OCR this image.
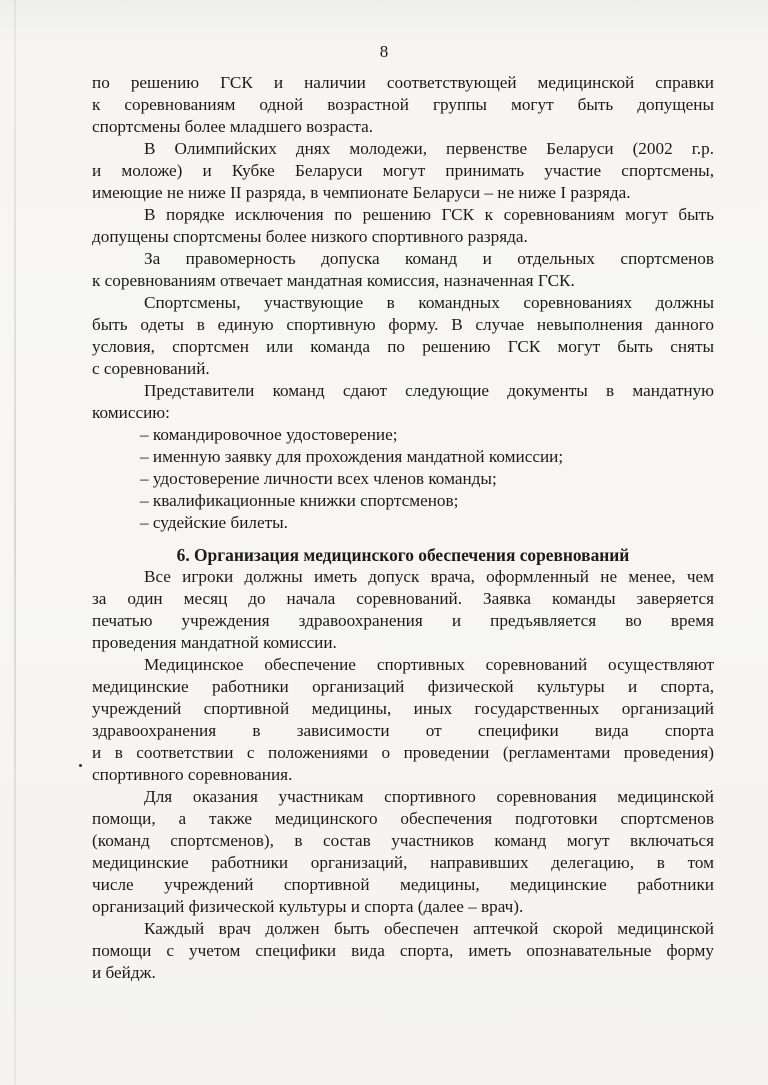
8
по решению ГСК и наличии соответствующей медицинской справки
к соревнованиям одной возрастной группы могут быть допущены
спортсмены более младшего возраста.
В Олимпийских днях молодежи, первенстве Беларуси (2002 г.р.
и моложе) и Кубке Беларуси могут принимать участие спортсмены,
имеющие не ниже II разряда, в чемпионате Беларуси – не ниже I разряда.
В порядке исключения по решению ГСК к соревнованиям могут быть
допущены спортсмены более низкого спортивного разряда.
За правомерность допуска команд и отдельных спортсменов
к соревнованиям отвечает мандатная комиссия, назначенная ГСК.
Спортсмены, участвующие в командных соревнованиях должны
быть одеты в единую спортивную форму. В случае невыполнения данного
условия, спортсмен или команда по решению ГСК могут быть сняты
с соревнований.
Представители команд сдают следующие документы в мандатную
комиссию:
– командировочное удостоверение;
– именную заявку для прохождения мандатной комиссии;
– удостоверение личности всех членов команды;
– квалификационные книжки спортсменов;
– судейские билеты.
6. Организация медицинского обеспечения соревнований
Все игроки должны иметь допуск врача, оформленный не менее, чем
за один месяц до начала соревнований. Заявка команды заверяется
печатью учреждения здравоохранения и предъявляется во время
проведения мандатной комиссии.
Медицинское обеспечение спортивных соревнований осуществляют
медицинские работники организаций физической культуры и спорта,
учреждений спортивной медицины, иных государственных организаций
здравоохранения в зависимости от специфики вида спорта
и в соответствии с положениями о проведении (регламентами проведения)
спортивного соревнования.
Для оказания участникам спортивного соревнования медицинской
помощи, а также медицинского обеспечения подготовки спортсменов
(команд спортсменов), в состав участников команд могут включаться
медицинские работники организаций, направивших делегацию, в том
числе учреждений спортивной медицины, медицинские работники
организаций физической культуры и спорта (далее – врач).
Каждый врач должен быть обеспечен аптечкой скорой медицинской
помощи с учетом специфики вида спорта, иметь опознавательные форму
и бейдж.
